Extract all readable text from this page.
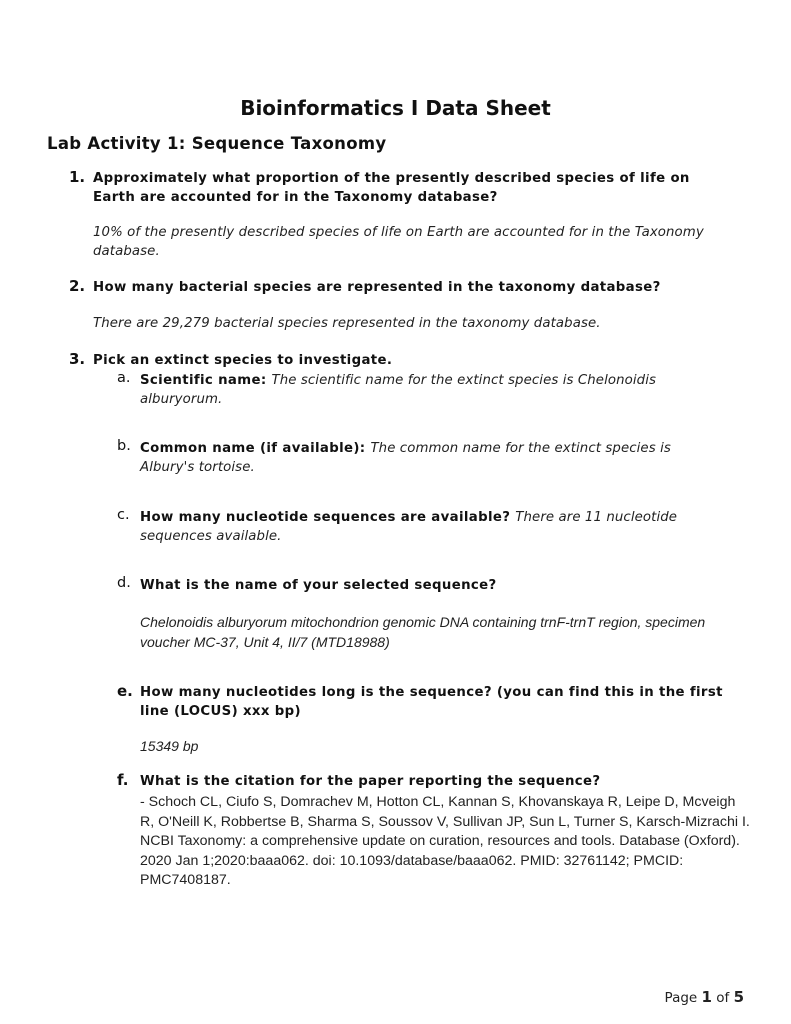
Bioinformatics I Data Sheet
Lab Activity 1: Sequence Taxonomy
1. Approximately what proportion of the presently described species of life on Earth are accounted for in the Taxonomy database?
10% of the presently described species of life on Earth are accounted for in the Taxonomy database.
2. How many bacterial species are represented in the taxonomy database?
There are 29,279 bacterial species represented in the taxonomy database.
3. Pick an extinct species to investigate.
a. Scientific name: The scientific name for the extinct species is Chelonoidis alburyorum.
b. Common name (if available): The common name for the extinct species is Albury's tortoise.
c. How many nucleotide sequences are available? There are 11 nucleotide sequences available.
d. What is the name of your selected sequence?
Chelonoidis alburyorum mitochondrion genomic DNA containing trnF-trnT region, specimen voucher MC-37, Unit 4, II/7 (MTD18988)
e. How many nucleotides long is the sequence? (you can find this in the first line (LOCUS) xxx bp)
15349 bp
f. What is the citation for the paper reporting the sequence?
- Schoch CL, Ciufo S, Domrachev M, Hotton CL, Kannan S, Khovanskaya R, Leipe D, Mcveigh R, O'Neill K, Robbertse B, Sharma S, Soussov V, Sullivan JP, Sun L, Turner S, Karsch-Mizrachi I. NCBI Taxonomy: a comprehensive update on curation, resources and tools. Database (Oxford). 2020 Jan 1;2020:baaa062. doi: 10.1093/database/baaa062. PMID: 32761142; PMCID: PMC7408187.
Page 1 of 5
